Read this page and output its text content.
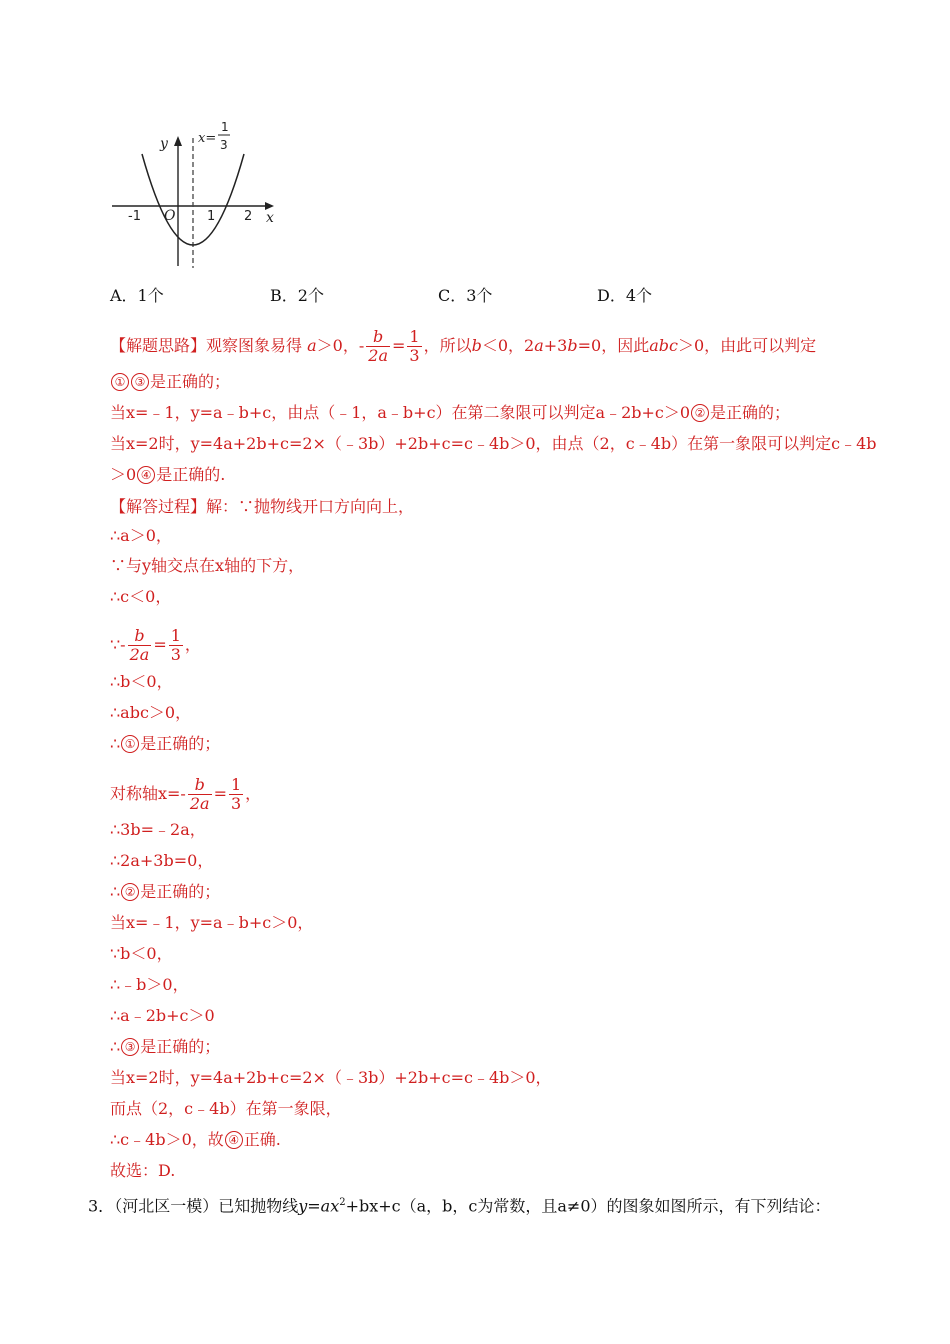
y
x
x=
1
3
-1 O 1 2
A．1个	B．2个	C．3个	D．4个
【解题思路】观察图象易得 a＞0，- $\frac{b}{2a} = \frac{1}{3}$ ，所以b＜0，2a+3b=0，因此abc＞0，由此可以判定
① ③ 是正确的；
当x=﹣1，y=a﹣b+c，由点（﹣1，a﹣b+c）在第二象限可以判定a﹣2b+c＞0 ② 是正确的；
当x=2时，y=4a+2b+c=2×（﹣3b）+2b+c=c﹣4b＞0，由点（2，c﹣4b）在第一象限可以判定c﹣4b
＞0 ④ 是正确的.
【解答过程】解：∵抛物线开口方向向上，
∴a＞0，
∵与y轴交点在x轴的下方，
∴c＜0，
∵- $\frac{b}{2a} = \frac{1}{3}$ ，
∴b＜0，
∴abc＞0，
∴ ① 是正确的；
对称轴$x=- \frac{b}{2a} = \frac{1}{3}$ ，
∴3b=﹣2a，
∴2a+3b=0，
∴ ② 是正确的；
当x=﹣1，y=a﹣b+c＞0，
∵b＜0，
∴﹣b＞0，
∴a﹣2b+c＞0
∴ ③ 是正确的；
当x=2时，y=4a+2b+c=2×（﹣3b）+2b+c=c﹣4b＞0，
而点（2，c﹣4b）在第一象限，
∴c﹣4b＞0，故 ④ 正确.
故选：D.
3．（河北区一模）已知抛物线$y=ax^2+bx+c(a$，b，c为常数，且a≠0）的图象如图所示，有下列结论：
